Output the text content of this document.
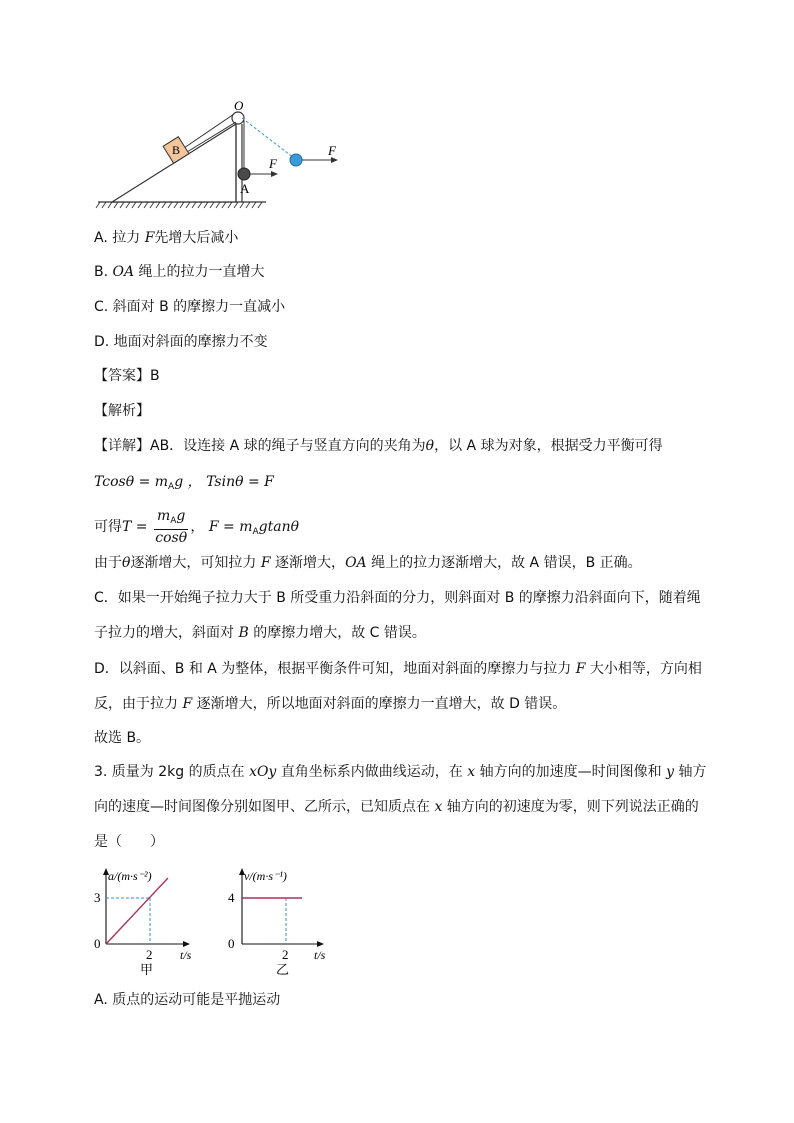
O
B
A
F
F
A. 拉力 F先增大后减小
B. OA 绳上的拉力一直增大
C. 斜面对 B 的摩擦力一直减小
D. 地面对斜面的摩擦力不变
【答案】B
【解析】
【详解】AB．设连接 A 球的绳子与竖直方向的夹角为θ，以 A 球为对象，根据受力平衡可得
$Tcos\theta = m_Ag$ ， Tsinθ = F
可得$T = \frac{m_Ag}{\cos\theta}$ ， $F = m_Agtan\theta$
由于θ逐渐增大，可知拉力 F 逐渐增大，OA 绳上的拉力逐渐增大，故 A 错误，B 正确。
C．如果一开始绳子拉力大于 B 所受重力沿斜面的分力，则斜面对 B 的摩擦力沿斜面向下，随着绳
子拉力的增大，斜面对 B 的摩擦力增大，故 C 错误。
D．以斜面、B 和 A 为整体，根据平衡条件可知，地面对斜面的摩擦力与拉力 F 大小相等，方向相
反，由于拉力 F 逐渐增大，所以地面对斜面的摩擦力一直增大，故 D 错误。
故选 B。
3. 质量为 2kg 的质点在 xOy 直角坐标系内做曲线运动，在 x 轴方向的加速度—时间图像和 y 轴方
向的速度—时间图像分别如图甲、乙所示，已知质点在 x 轴方向的初速度为零，则下列说法正确的
是（　　）
a/(m·s⁻²)
3
0
2 t/s
甲
v/(m·s⁻¹)
4
0
2 t/s
乙
A. 质点的运动可能是平抛运动
